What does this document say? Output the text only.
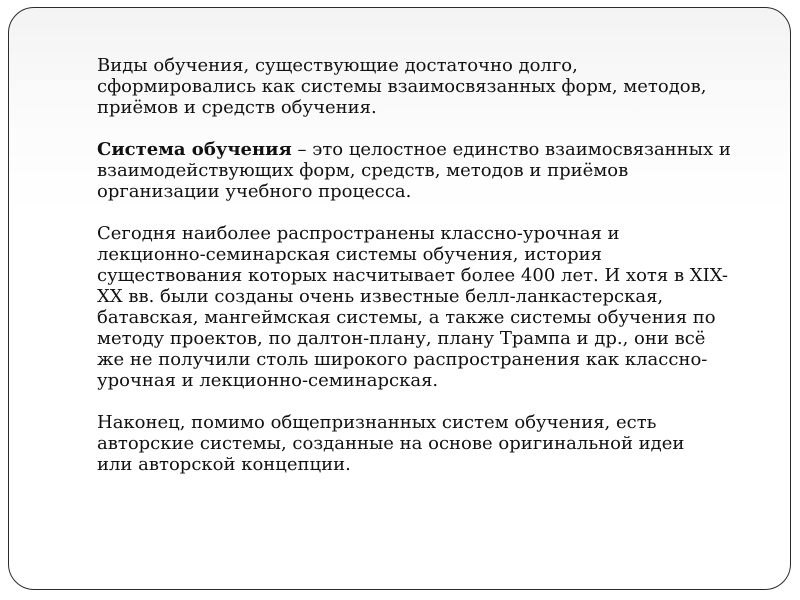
Виды обучения, существующие достаточно долго,
сформировались как системы взаимосвязанных форм, методов,
приёмов и средств обучения.

Система обучения – это целостное единство взаимосвязанных и
взаимодействующих форм, средств, методов и приёмов
организации учебного процесса.

Сегодня наиболее распространены классно-урочная и
лекционно-семинарская системы обучения, история
существования которых насчитывает более 400 лет. И хотя в XIX-
XX вв. были созданы очень известные белл-ланкастерская,
батавская, мангеймская системы, а также системы обучения по
методу проектов, по далтон-плану, плану Трампа и др., они всё
же не получили столь широкого распространения как классно-
урочная и лекционно-семинарская.

Наконец, помимо общепризнанных систем обучения, есть
авторские системы, созданные на основе оригинальной идеи
или авторской концепции.
